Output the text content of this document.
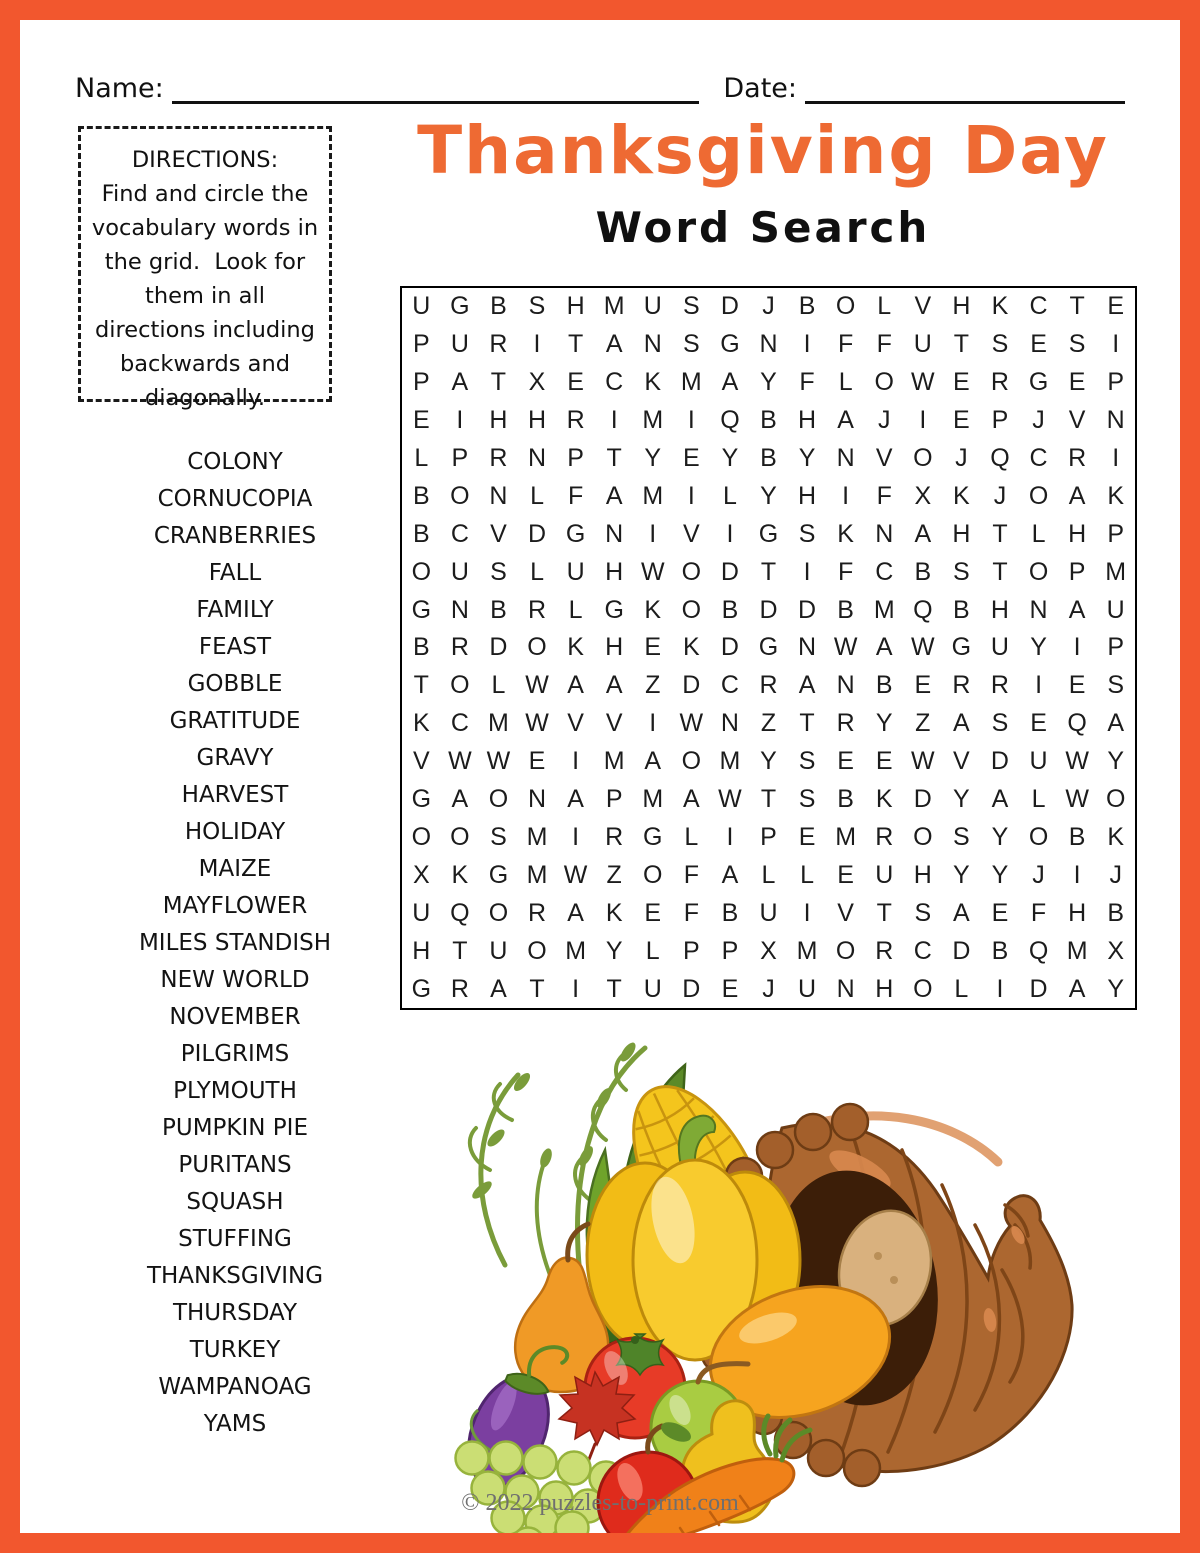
Name:	Date:
Thanksgiving Day
Word Search
DIRECTIONS:
Find and circle the vocabulary words in the grid.  Look for them in all directions including backwards and diagonally.
COLONY
CORNUCOPIA
CRANBERRIES
FALL
FAMILY
FEAST
GOBBLE
GRATITUDE
GRAVY
HARVEST
HOLIDAY
MAIZE
MAYFLOWER
MILES STANDISH
NEW WORLD
NOVEMBER
PILGRIMS
PLYMOUTH
PUMPKIN PIE
PURITANS
SQUASH
STUFFING
THANKSGIVING
THURSDAY
TURKEY
WAMPANOAG
YAMS
U G B S H M U S D J B O L V H K C T E
P U R	I	T A N S G N	I	F F U T S E S	I
P A T X E C K M A Y F L O W E R G E P
E	I	H H R	I M I	Q B H A J	I	E P J V N
L P R N P T Y E Y B Y N V O J Q C R	I
B O N L F A M I	L Y H	I	F X K J O A K
B C V D G N	I	V	I	G S K N A H T L H P
O U S L U H W O D T	I	F C B S T O P M
G N B R L G K O B D D B M Q B H N A U
B R D O K H E K D G N W A W G U Y	I	P
T O L W A A Z D C R A N B E R R	I	E S
K C M W V V	I W N Z T R Y Z A S E Q A
V W W E	I M A O M Y S E E W V D U W Y
G A O N A P M A W T S B K D Y A L W O
O O S M I	R G L	I	P E M R O S Y O B K
X K G M W Z O F A L L E U H Y Y J	I	J
U Q O R A K E F B U	I	V T S A E F H B
H T U O M Y L P P X M O R C D B Q M X
G R A T	I	T U D E J U N H O L	I	D A Y
© 2022 puzzles-to-print.com
